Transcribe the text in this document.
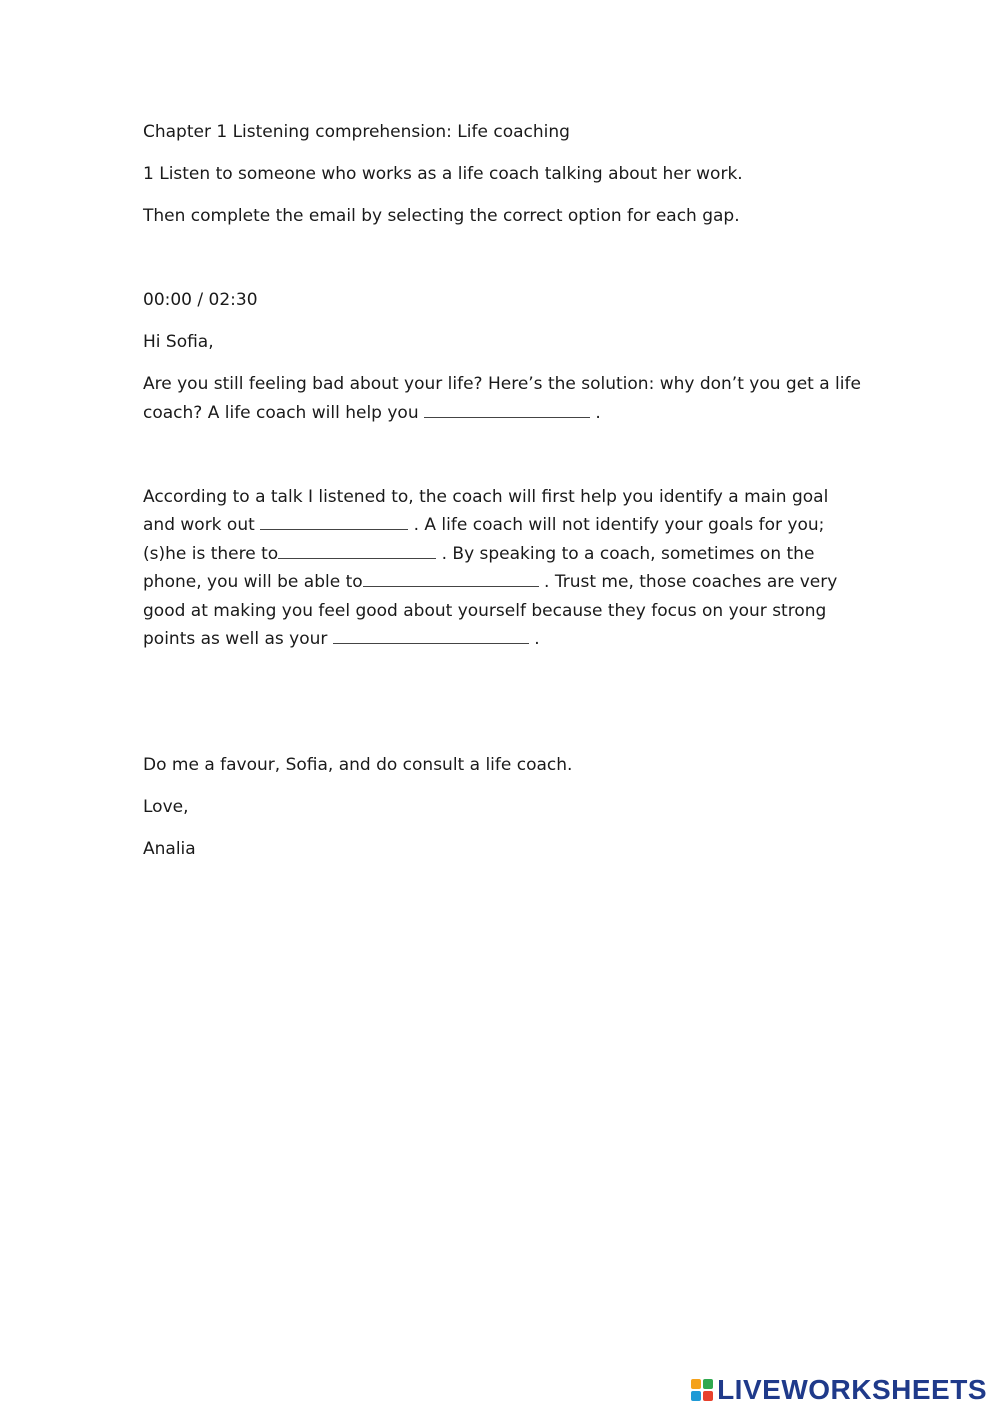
Chapter 1 Listening comprehension: Life coaching

1 Listen to someone who works as a life coach talking about her work.

Then complete the email by selecting the correct option for each gap.

00:00 / 02:30

Hi Sofia,

Are you still feeling bad about your life? Here’s the solution: why don’t you get a life

coach? A life coach will help you	.

According to a talk I listened to, the coach will first help you identify a main goal

and work out	. A life coach will not identify your goals for you;

(s)he is there to	. By speaking to a coach, sometimes on the

phone, you will be able to	. Trust me, those coaches are very

good at making you feel good about yourself because they focus on your strong

points as well as your	.

Do me a favour, Sofia, and do consult a life coach.

Love,

Analia

LIVEWORKSHEETS
